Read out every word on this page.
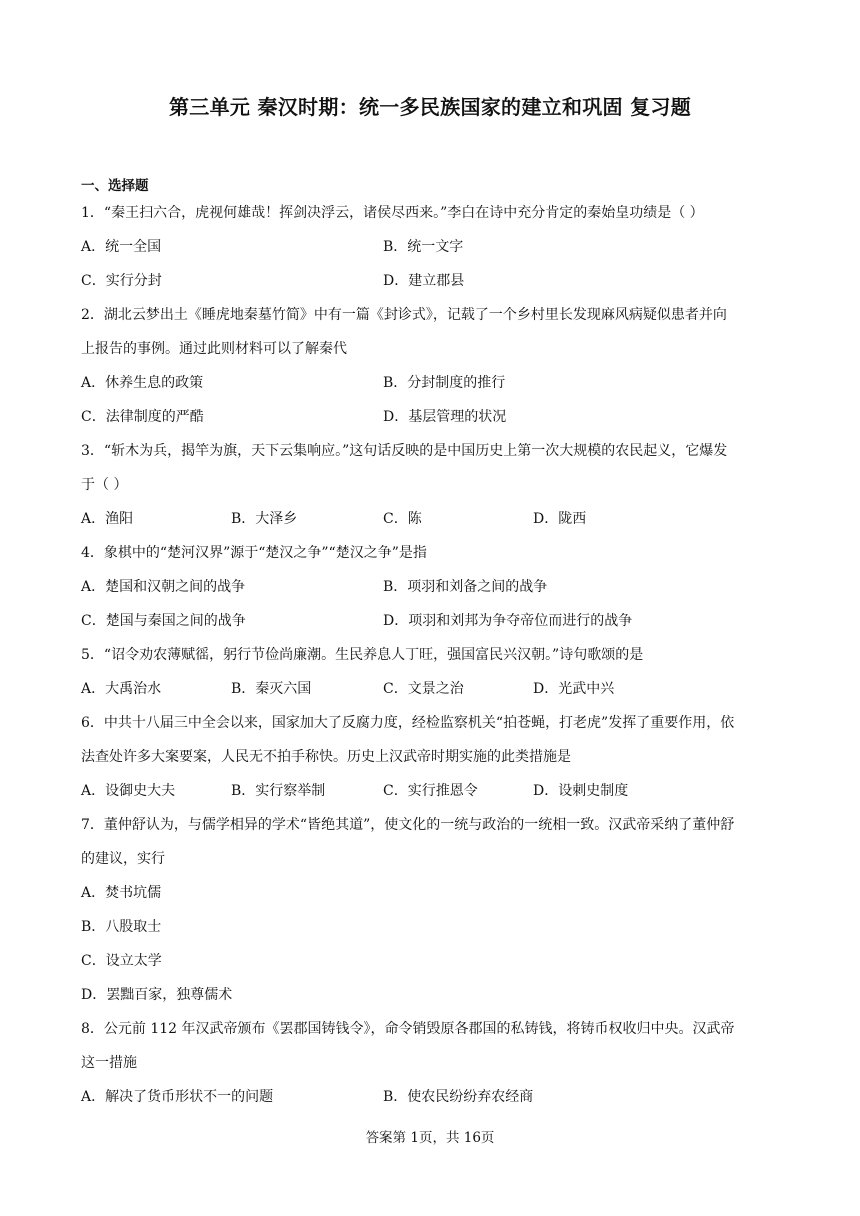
第三单元 秦汉时期：统一多民族国家的建立和巩固 复习题
一、选择题
1．“秦王扫六合，虎视何雄哉！挥剑决浮云，诸侯尽西来。”李白在诗中充分肯定的秦始皇功绩是（ ）
A．统一全国	B．统一文字
C．实行分封	D．建立郡县
2．湖北云梦出土《睡虎地秦墓竹简》中有一篇《封诊式》，记载了一个乡村里长发现麻风病疑似患者并向
上报告的事例。通过此则材料可以了解秦代
A．休养生息的政策	B．分封制度的推行
C．法律制度的严酷	D．基层管理的状况
3．“斩木为兵，揭竿为旗，天下云集响应。”这句话反映的是中国历史上第一次大规模的农民起义，它爆发
于（ ）
A．渔阳	B．大泽乡	C．陈	D．陇西
4．象棋中的“楚河汉界”源于“楚汉之争”“楚汉之争”是指
A．楚国和汉朝之间的战争	B．项羽和刘备之间的战争
C．楚国与秦国之间的战争	D．项羽和刘邦为争夺帝位而进行的战争
5．“诏令劝农薄赋徭，躬行节俭尚廉潮。生民养息人丁旺，强国富民兴汉朝。”诗句歌颂的是
A．大禹治水	B．秦灭六国	C．文景之治	D．光武中兴
6．中共十八届三中全会以来，国家加大了反腐力度，经检监察机关“拍苍蝇，打老虎”发挥了重要作用，依
法查处许多大案要案，人民无不拍手称快。历史上汉武帝时期实施的此类措施是
A．设御史大夫	B．实行察举制	C．实行推恩令	D．设刺史制度
7．董仲舒认为，与儒学相异的学术“皆绝其道”，使文化的一统与政治的一统相一致。汉武帝采纳了董仲舒
的建议，实行
A．焚书坑儒
B．八股取士
C．设立太学
D．罢黜百家，独尊儒术
8．公元前 112 年汉武帝颁布《罢郡国铸钱令》，命令销毁原各郡国的私铸钱，将铸币权收归中央。汉武帝
这一措施
A．解决了货币形状不一的问题	B．使农民纷纷弃农经商
答案第 1页，共 16页
